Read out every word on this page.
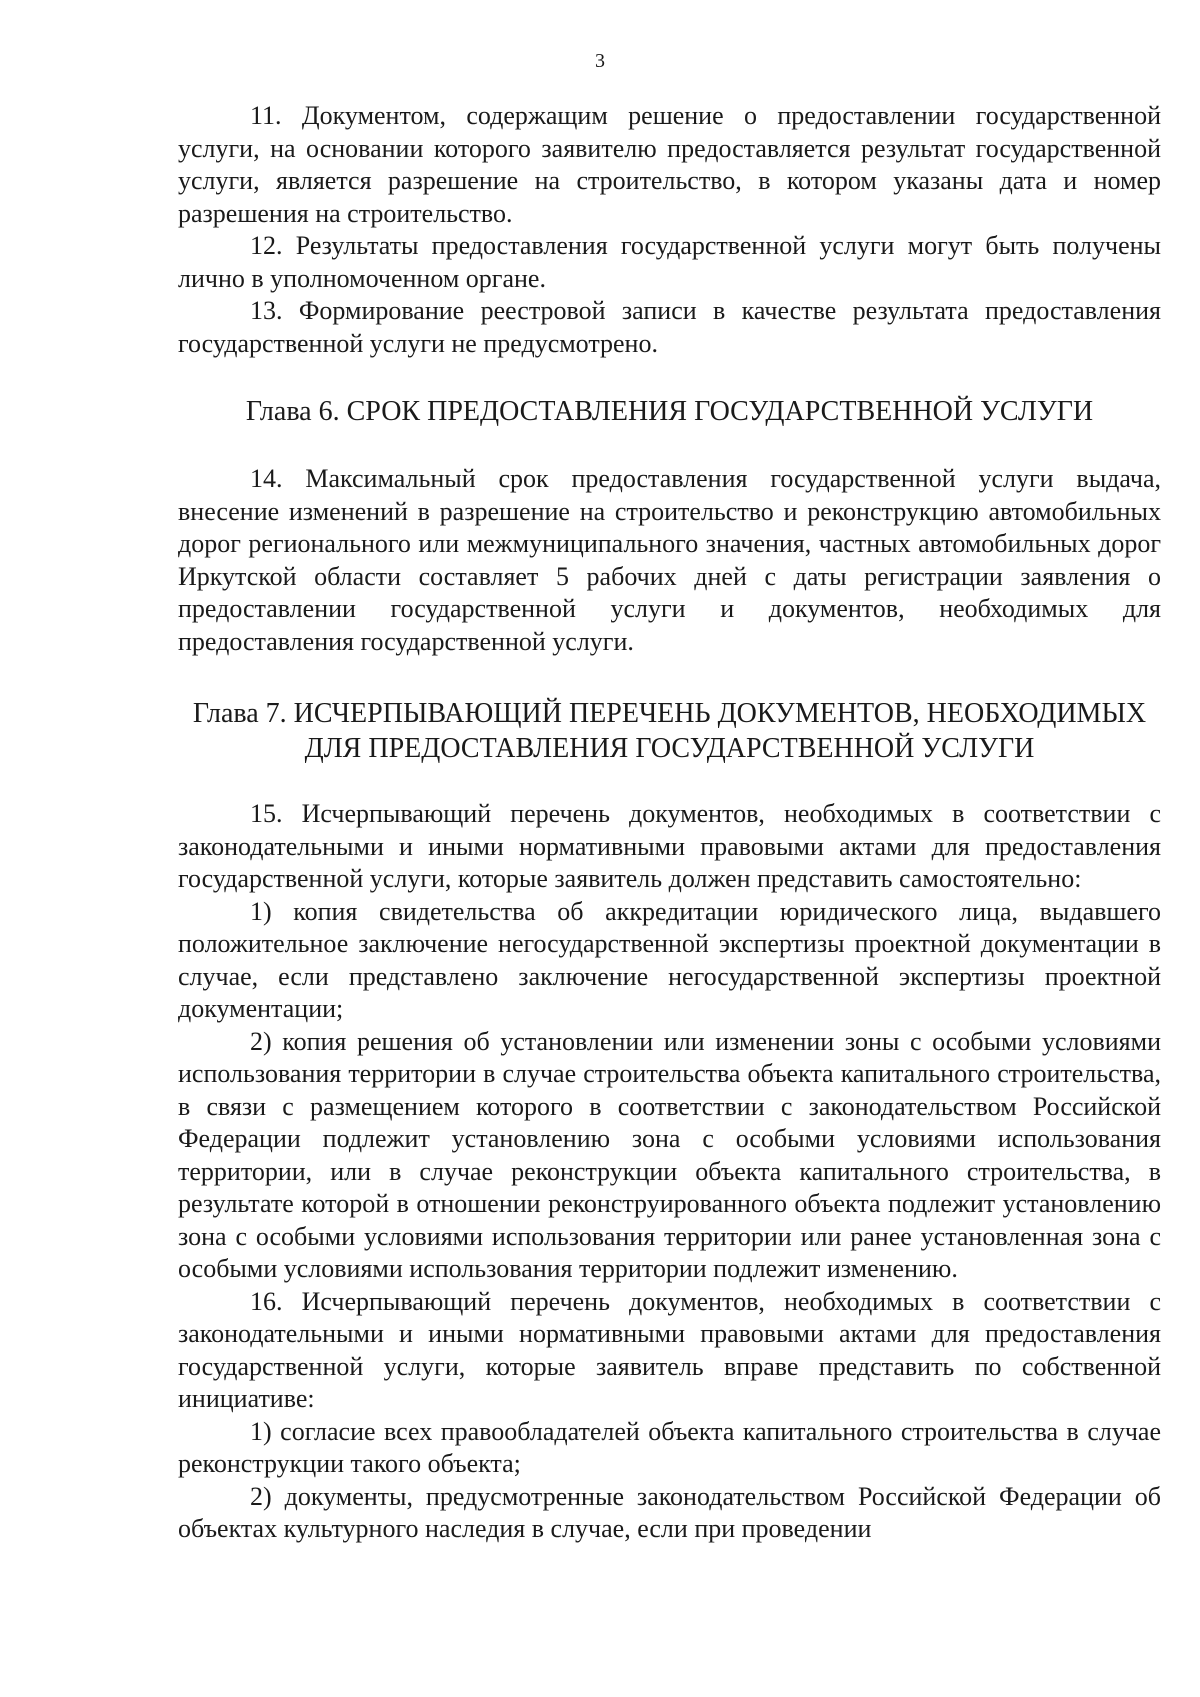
3

11. Документом, содержащим решение о предоставлении государственной услуги, на основании которого заявителю предоставляется результат государственной услуги, является разрешение на строительство, в котором указаны дата и номер разрешения на строительство.

12. Результаты предоставления государственной услуги могут быть получены лично в уполномоченном органе.

13. Формирование реестровой записи в качестве результата предоставления государственной услуги не предусмотрено.

Глава 6. СРОК ПРЕДОСТАВЛЕНИЯ ГОСУДАРСТВЕННОЙ УСЛУГИ

14. Максимальный срок предоставления государственной услуги выдача, внесение изменений в разрешение на строительство и реконструкцию автомобильных дорог регионального или межмуниципального значения, частных автомобильных дорог Иркутской области составляет 5 рабочих дней с даты регистрации заявления о предоставлении государственной услуги и документов, необходимых для предоставления государственной услуги.

Глава 7. ИСЧЕРПЫВАЮЩИЙ ПЕРЕЧЕНЬ ДОКУМЕНТОВ, НЕОБХОДИМЫХ ДЛЯ ПРЕДОСТАВЛЕНИЯ ГОСУДАРСТВЕННОЙ УСЛУГИ

15. Исчерпывающий перечень документов, необходимых в соответствии с законодательными и иными нормативными правовыми актами для предоставления государственной услуги, которые заявитель должен представить самостоятельно:

1) копия свидетельства об аккредитации юридического лица, выдавшего положительное заключение негосударственной экспертизы проектной документации в случае, если представлено заключение негосударственной экспертизы проектной документации;

2) копия решения об установлении или изменении зоны с особыми условиями использования территории в случае строительства объекта капитального строительства, в связи с размещением которого в соответствии с законодательством Российской Федерации подлежит установлению зона с особыми условиями использования территории, или в случае реконструкции объекта капитального строительства, в результате которой в отношении реконструированного объекта подлежит установлению зона с особыми условиями использования территории или ранее установленная зона с особыми условиями использования территории подлежит изменению.

16. Исчерпывающий перечень документов, необходимых в соответствии с законодательными и иными нормативными правовыми актами для предоставления государственной услуги, которые заявитель вправе представить по собственной инициативе:

1) согласие всех правообладателей объекта капитального строительства в случае реконструкции такого объекта;

2) документы, предусмотренные законодательством Российской Федерации об объектах культурного наследия в случае, если при проведении
